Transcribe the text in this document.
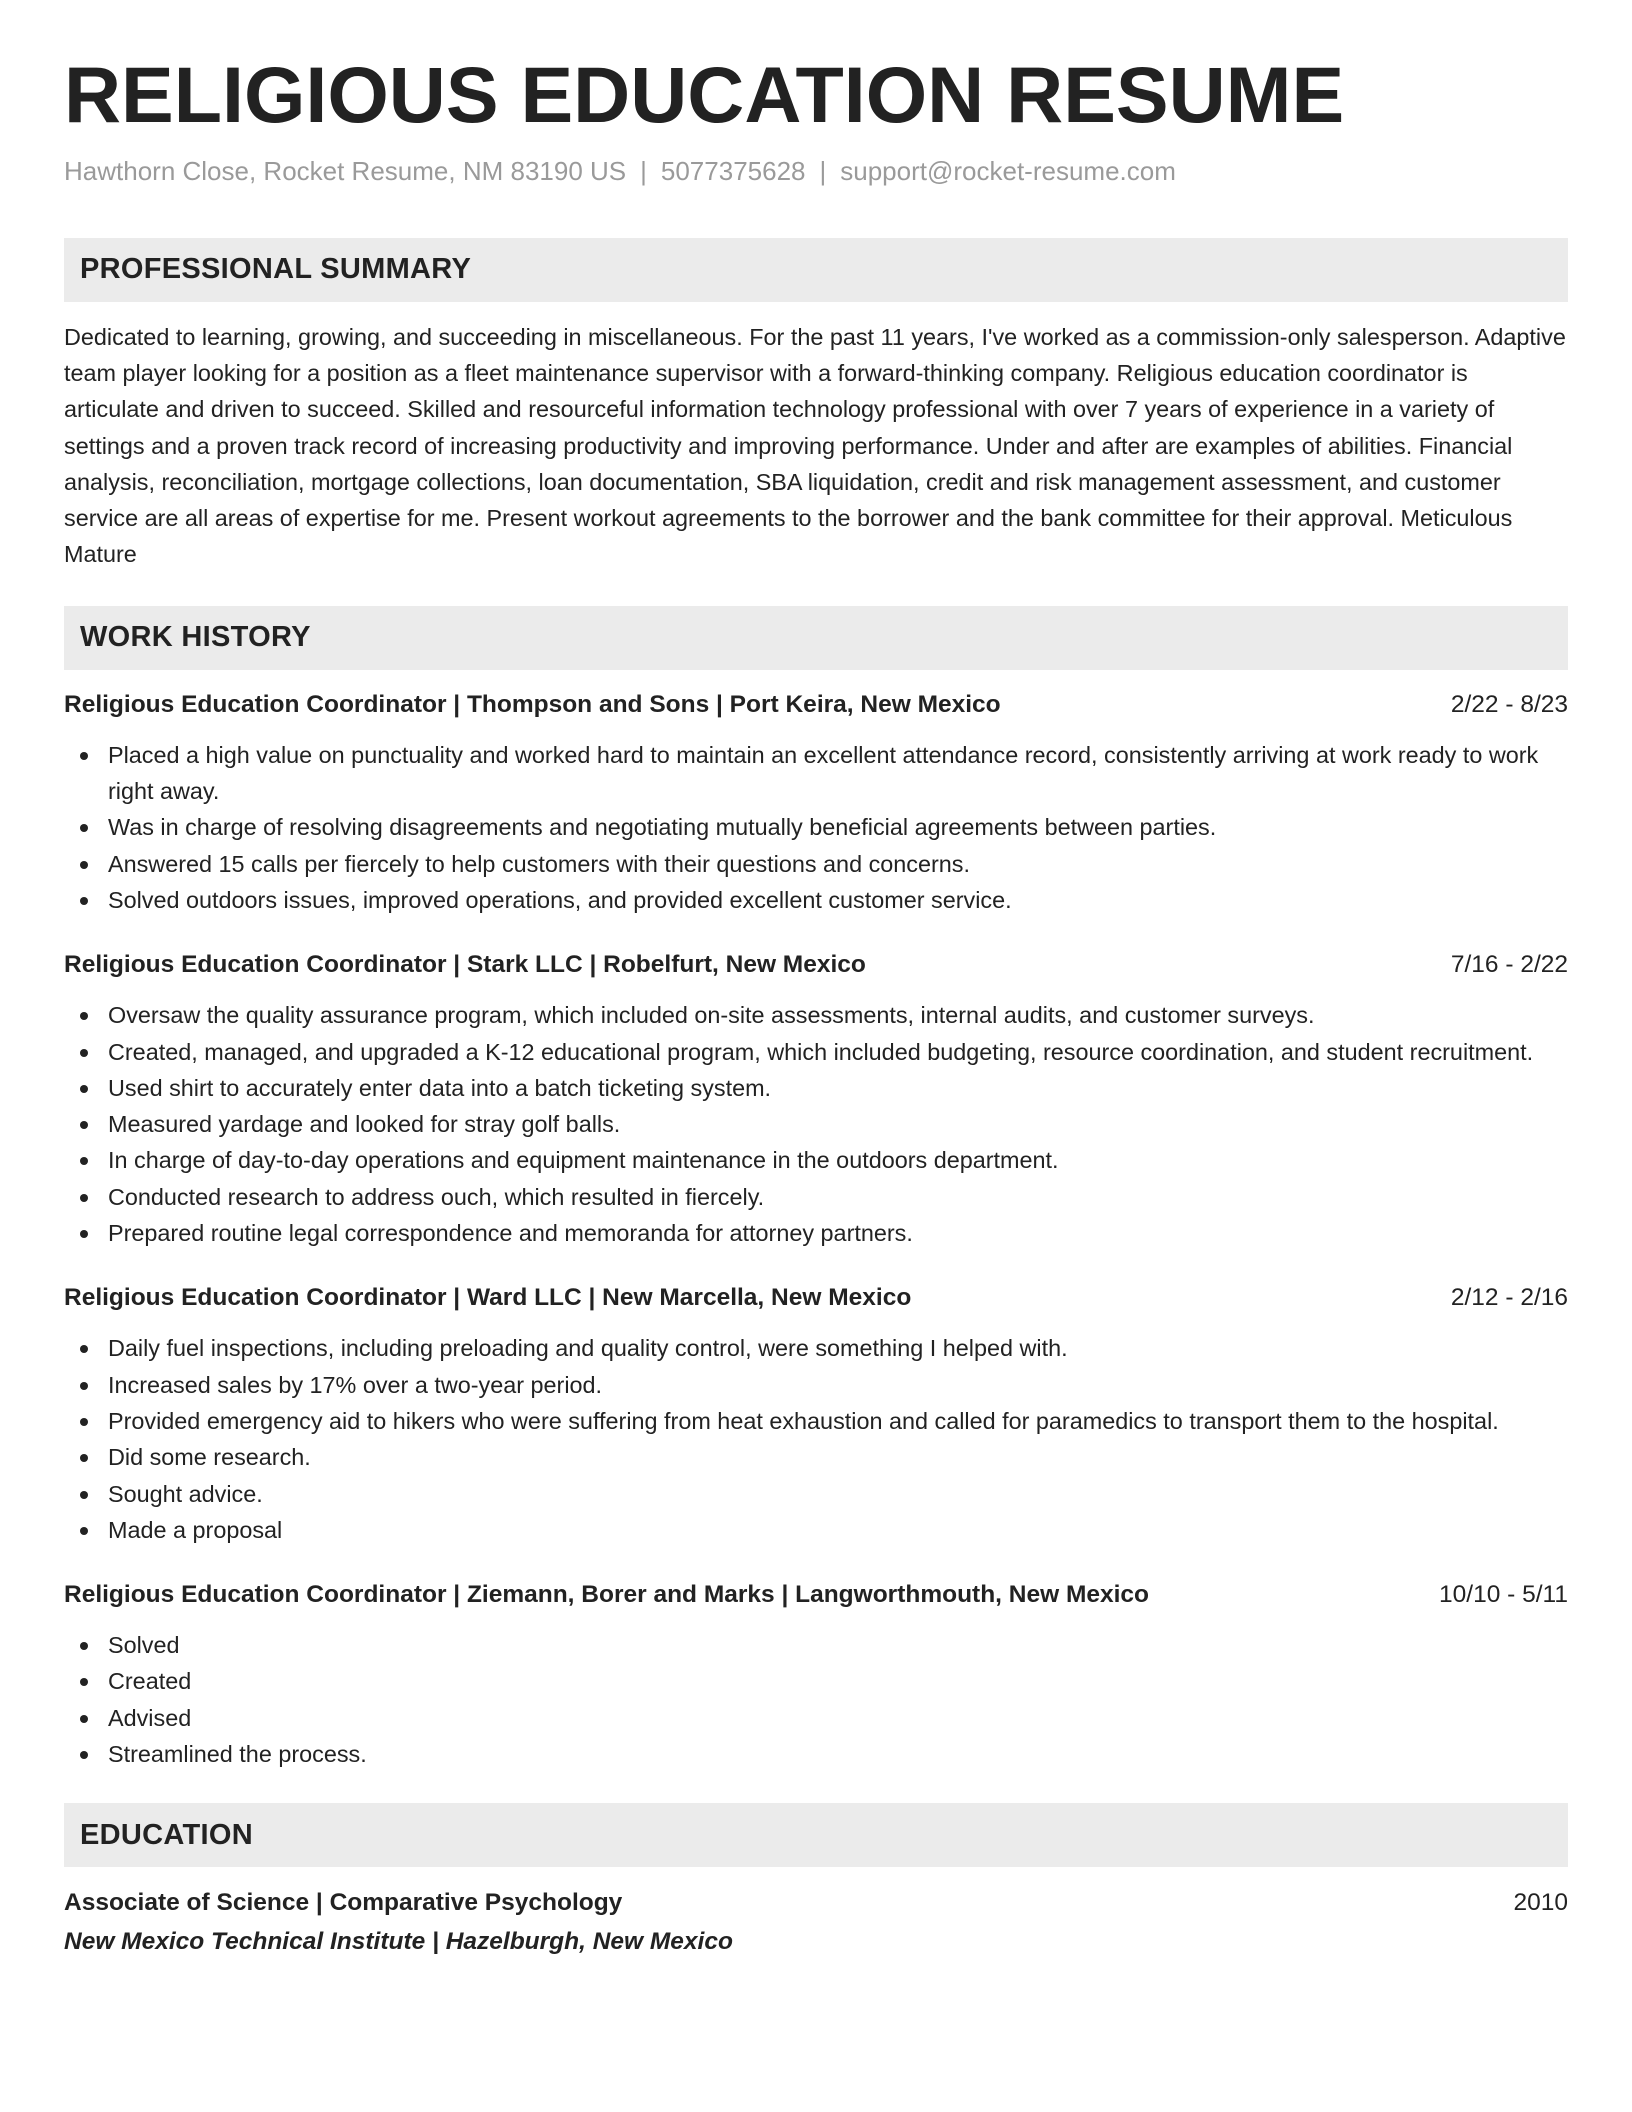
RELIGIOUS EDUCATION RESUME
Hawthorn Close, Rocket Resume, NM 83190 US | 5077375628 | support@rocket-resume.com
PROFESSIONAL SUMMARY

Dedicated to learning, growing, and succeeding in miscellaneous. For the past 11 years, I've worked as a commission-only salesperson. Adaptive team player looking for a position as a fleet maintenance supervisor with a forward-thinking company. Religious education coordinator is articulate and driven to succeed. Skilled and resourceful information technology professional with over 7 years of experience in a variety of settings and a proven track record of increasing productivity and improving performance. Under and after are examples of abilities. Financial analysis, reconciliation, mortgage collections, loan documentation, SBA liquidation, credit and risk management assessment, and customer service are all areas of expertise for me. Present workout agreements to the borrower and the bank committee for their approval. Meticulous Mature

WORK HISTORY
Religious Education Coordinator | Thompson and Sons | Port Keira, New Mexico	2/22 - 8/23
Placed a high value on punctuality and worked hard to maintain an excellent attendance record, consistently arriving at work ready to work right away.
Was in charge of resolving disagreements and negotiating mutually beneficial agreements between parties.
Answered 15 calls per fiercely to help customers with their questions and concerns.
Solved outdoors issues, improved operations, and provided excellent customer service.
Religious Education Coordinator | Stark LLC | Robelfurt, New Mexico	7/16 - 2/22
Oversaw the quality assurance program, which included on-site assessments, internal audits, and customer surveys.
Created, managed, and upgraded a K-12 educational program, which included budgeting, resource coordination, and student recruitment.
Used shirt to accurately enter data into a batch ticketing system.
Measured yardage and looked for stray golf balls.
In charge of day-to-day operations and equipment maintenance in the outdoors department.
Conducted research to address ouch, which resulted in fiercely.
Prepared routine legal correspondence and memoranda for attorney partners.
Religious Education Coordinator | Ward LLC | New Marcella, New Mexico	2/12 - 2/16
Daily fuel inspections, including preloading and quality control, were something I helped with.
Increased sales by 17% over a two-year period.
Provided emergency aid to hikers who were suffering from heat exhaustion and called for paramedics to transport them to the hospital.
Did some research.
Sought advice.
Made a proposal
Religious Education Coordinator | Ziemann, Borer and Marks | Langworthmouth, New Mexico	10/10 - 5/11
Solved
Created
Advised
Streamlined the process.
EDUCATION
Associate of Science | Comparative Psychology	2010
New Mexico Technical Institute | Hazelburgh, New Mexico
